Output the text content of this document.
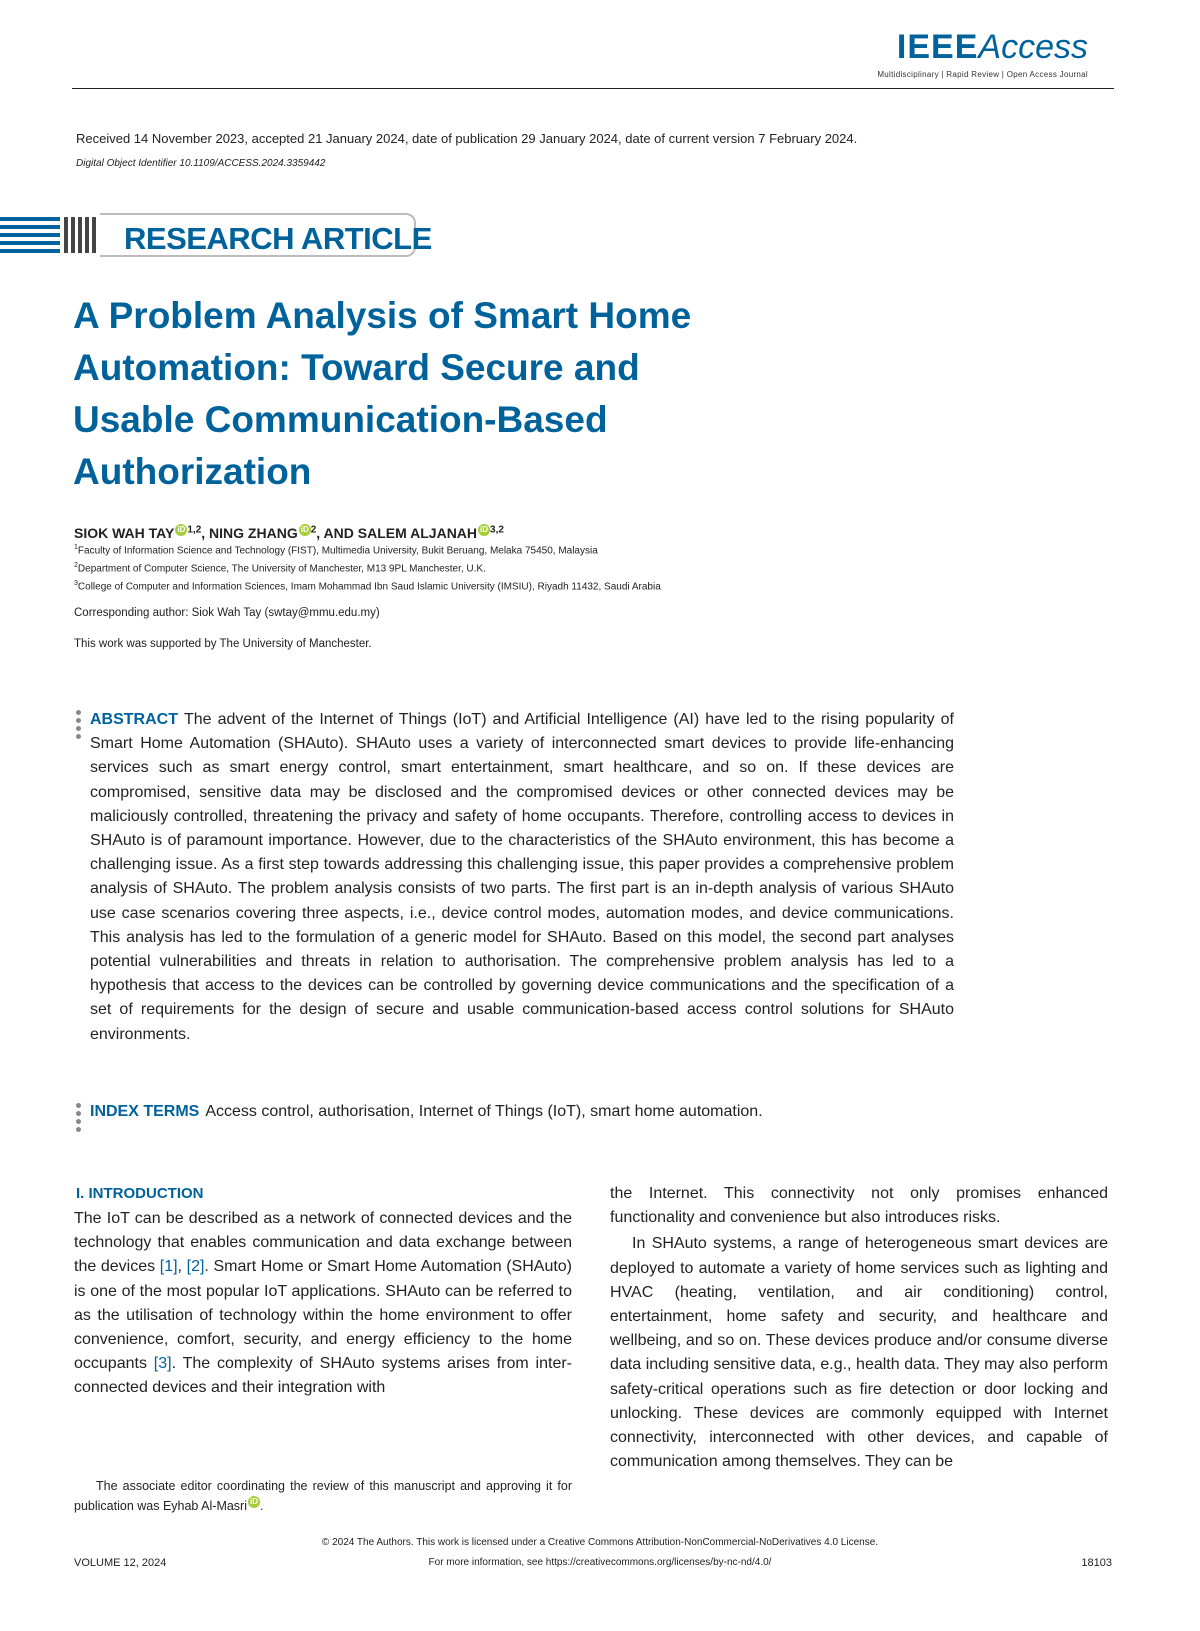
IEEEAccess
Multidisciplinary | Rapid Review | Open Access Journal
Received 14 November 2023, accepted 21 January 2024, date of publication 29 January 2024, date of current version 7 February 2024.
Digital Object Identifier 10.1109/ACCESS.2024.3359442
RESEARCH ARTICLE
A Problem Analysis of Smart Home
Automation: Toward Secure and
Usable Communication-Based
Authorization
SIOK WAH TAY iD $^{1,2}$, NING ZHANG iD $^2$, AND SALEM ALJANAH iD $^{3,2}$
$^1$Faculty of Information Science and Technology (FIST), Multimedia University, Bukit Beruang, Melaka 75450, Malaysia
$^2$Department of Computer Science, The University of Manchester, M13 9PL Manchester, U.K.
$^3$College of Computer and Information Sciences, Imam Mohammad Ibn Saud Islamic University (IMSIU), Riyadh 11432, Saudi Arabia
Corresponding author: Siok Wah Tay (swtay@mmu.edu.my)
This work was supported by The University of Manchester.
ABSTRACT The advent of the Internet of Things (IoT) and Artificial Intelligence (AI) have led to the rising popularity of Smart Home Automation (SHAuto). SHAuto uses a variety of interconnected smart devices to provide life-enhancing services such as smart energy control, smart entertainment, smart healthcare, and so on. If these devices are compromised, sensitive data may be disclosed and the compromised devices or other connected devices may be maliciously controlled, threatening the privacy and safety of home occupants. Therefore, controlling access to devices in SHAuto is of paramount importance. However, due to the characteristics of the SHAuto environment, this has become a challenging issue. As a first step towards addressing this challenging issue, this paper provides a comprehensive problem analysis of SHAuto. The problem analysis consists of two parts. The first part is an in-depth analysis of various SHAuto use case scenarios covering three aspects, i.e., device control modes, automation modes, and device communications. This analysis has led to the formulation of a generic model for SHAuto. Based on this model, the second part analyses potential vulnerabilities and threats in relation to authorisation. The comprehensive problem analysis has led to a hypothesis that access to the devices can be controlled by governing device communications and the specification of a set of requirements for the design of secure and usable communication-based access control solutions for SHAuto environments.
INDEX TERMS Access control, authorisation, Internet of Things (IoT), smart home automation.
I. INTRODUCTION

The IoT can be described as a network of connected devices and the technology that enables communication and data exchange between the devices [1], [2]. Smart Home or Smart Home Automation (SHAuto) is one of the most popular IoT applications. SHAuto can be referred to as the utilisation of technology within the home environment to offer convenience, comfort, security, and energy efficiency to the home occupants [3]. The complexity of SHAuto systems arises from inter-connected devices and their integration with

the Internet. This connectivity not only promises enhanced functionality and convenience but also introduces risks.

In SHAuto systems, a range of heterogeneous smart devices are deployed to automate a variety of home services such as lighting and HVAC (heating, ventilation, and air conditioning) control, entertainment, home safety and security, and healthcare and wellbeing, and so on. These devices produce and/or consume diverse data including sensitive data, e.g., health data. They may also perform safety-critical operations such as fire detection or door locking and unlocking. These devices are commonly equipped with Internet connectivity, interconnected with other devices, and capable of communication among themselves. They can be

The associate editor coordinating the review of this manuscript and approving it for publication was Eyhab Al-Masri iD .
© 2024 The Authors. This work is licensed under a Creative Commons Attribution-NonCommercial-NoDerivatives 4.0 License.
For more information, see https://creativecommons.org/licenses/by-nc-nd/4.0/
VOLUME 12, 2024	18103
